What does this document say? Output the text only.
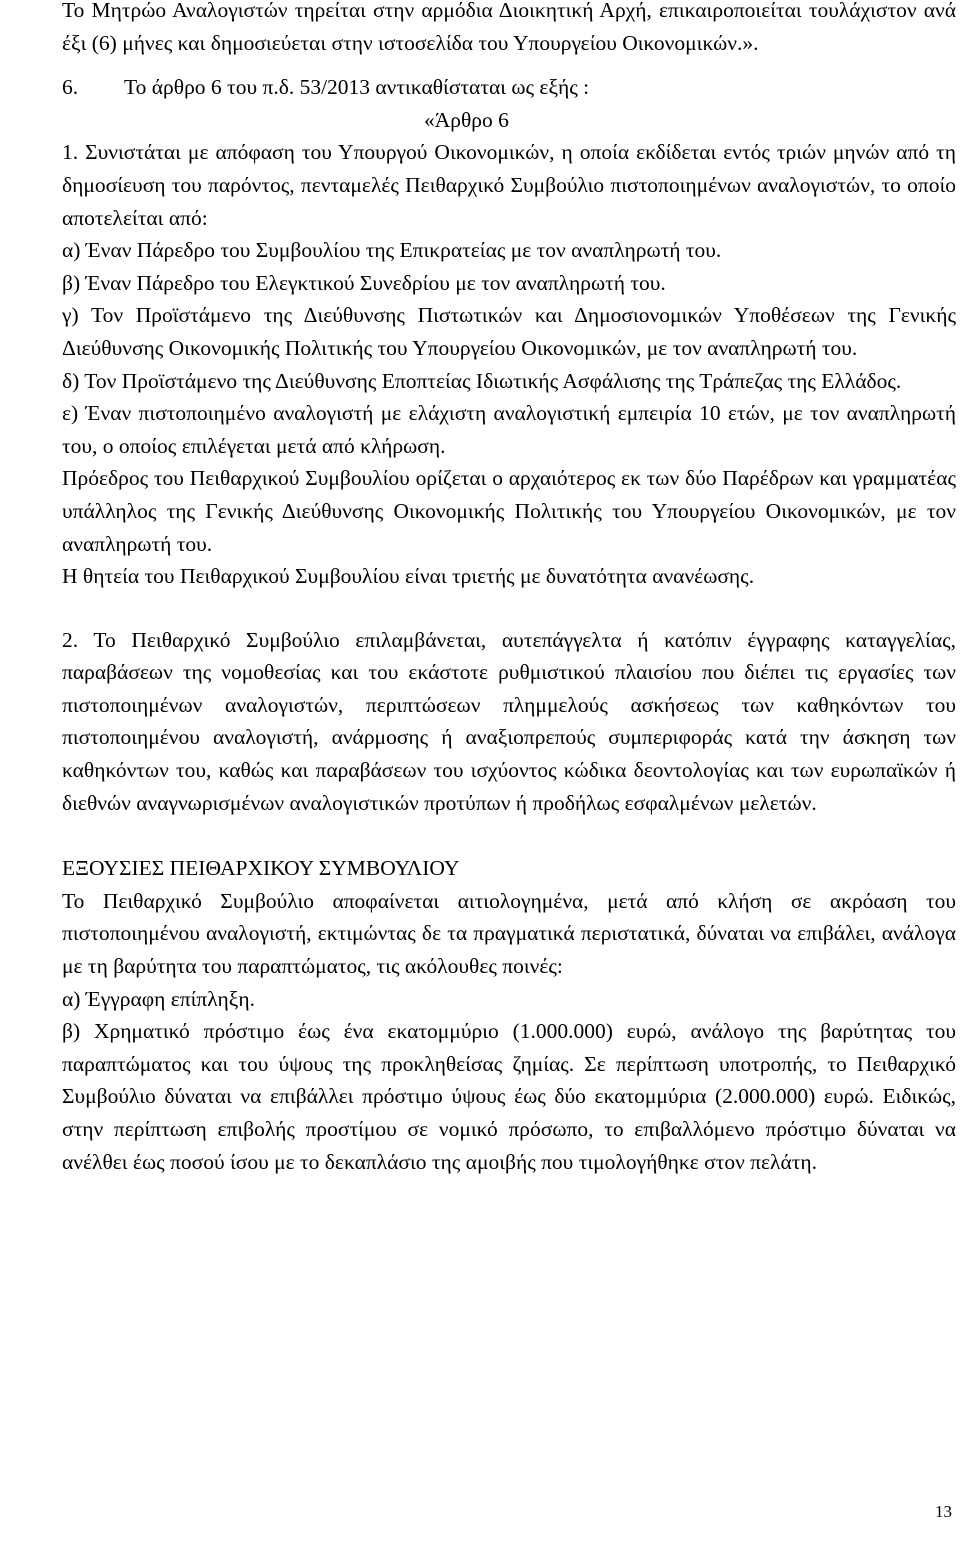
Το Μητρώο Αναλογιστών τηρείται στην αρμόδια Διοικητική Αρχή, επικαιροποιείται τουλάχιστον ανά έξι (6) μήνες και δημοσιεύεται στην ιστοσελίδα του Υπουργείου Οικονομικών.».

6. Το άρθρο 6 του π.δ. 53/2013 αντικαθίσταται ως εξής :

«Άρθρο 6

1. Συνιστάται με απόφαση του Υπουργού Οικονομικών, η οποία εκδίδεται εντός τριών μηνών από τη δημοσίευση του παρόντος, πενταμελές Πειθαρχικό Συμβούλιο πιστοποιημένων αναλογιστών, το οποίο αποτελείται από:

α) Έναν Πάρεδρο του Συμβουλίου της Επικρατείας με τον αναπληρωτή του.

β) Έναν Πάρεδρο του Ελεγκτικού Συνεδρίου με τον αναπληρωτή του.

γ) Τον Προϊστάμενο της Διεύθυνσης Πιστωτικών και Δημοσιονομικών Υποθέσεων της Γενικής Διεύθυνσης Οικονομικής Πολιτικής του Υπουργείου Οικονομικών, με τον αναπληρωτή του.

δ) Τον Προϊστάμενο της Διεύθυνσης Εποπτείας Ιδιωτικής Ασφάλισης της Τράπεζας της Ελλάδος.

ε) Έναν πιστοποιημένο αναλογιστή με ελάχιστη αναλογιστική εμπειρία 10 ετών, με τον αναπληρωτή του, ο οποίος επιλέγεται μετά από κλήρωση.

Πρόεδρος του Πειθαρχικού Συμβουλίου ορίζεται ο αρχαιότερος εκ των δύο Παρέδρων και γραμματέας υπάλληλος της Γενικής Διεύθυνσης Οικονομικής Πολιτικής του Υπουργείου Οικονομικών, με τον αναπληρωτή του.

Η θητεία του Πειθαρχικού Συμβουλίου είναι τριετής με δυνατότητα ανανέωσης.

2. Το Πειθαρχικό Συμβούλιο επιλαμβάνεται, αυτεπάγγελτα ή κατόπιν έγγραφης καταγγελίας, παραβάσεων της νομοθεσίας και του εκάστοτε ρυθμιστικού πλαισίου που διέπει τις εργασίες των πιστοποιημένων αναλογιστών, περιπτώσεων πλημμελούς ασκήσεως των καθηκόντων του πιστοποιημένου αναλογιστή, ανάρμοσης ή αναξιοπρεπούς συμπεριφοράς κατά την άσκηση των καθηκόντων του, καθώς και παραβάσεων του ισχύοντος κώδικα δεοντολογίας και των ευρωπαϊκών ή διεθνών αναγνωρισμένων αναλογιστικών προτύπων ή προδήλως εσφαλμένων μελετών.

ΕΞΟΥΣΙΕΣ ΠΕΙΘΑΡΧΙΚΟΥ ΣΥΜΒΟΥΛΙΟΥ

Το Πειθαρχικό Συμβούλιο αποφαίνεται αιτιολογημένα, μετά από κλήση σε ακρόαση του πιστοποιημένου αναλογιστή, εκτιμώντας δε τα πραγματικά περιστατικά, δύναται να επιβάλει, ανάλογα με τη βαρύτητα του παραπτώματος, τις ακόλουθες ποινές:

α) Έγγραφη επίπληξη.

β) Χρηματικό πρόστιμο έως ένα εκατομμύριο (1.000.000) ευρώ, ανάλογο της βαρύτητας του παραπτώματος και του ύψους της προκληθείσας ζημίας. Σε περίπτωση υποτροπής, το Πειθαρχικό Συμβούλιο δύναται να επιβάλλει πρόστιμο ύψους έως δύο εκατομμύρια (2.000.000) ευρώ. Ειδικώς, στην περίπτωση επιβολής προστίμου σε νομικό πρόσωπο, το επιβαλλόμενο πρόστιμο δύναται να ανέλθει έως ποσού ίσου με το δεκαπλάσιο της αμοιβής που τιμολογήθηκε στον πελάτη.

13
